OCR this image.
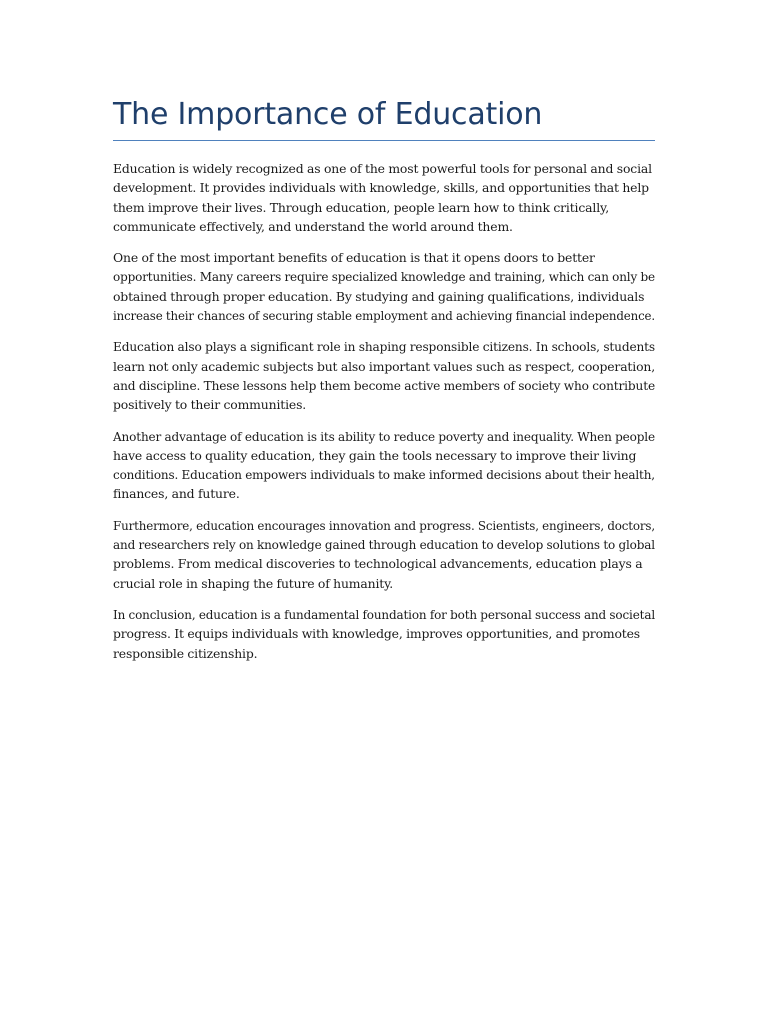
The Importance of Education

Education is widely recognized as one of the most powerful tools for personal and social
development. It provides individuals with knowledge, skills, and opportunities that help
them improve their lives. Through education, people learn how to think critically,
communicate effectively, and understand the world around them.

One of the most important benefits of education is that it opens doors to better
opportunities. Many careers require specialized knowledge and training, which can only be
obtained through proper education. By studying and gaining qualifications, individuals
increase their chances of securing stable employment and achieving financial independence.

Education also plays a significant role in shaping responsible citizens. In schools, students
learn not only academic subjects but also important values such as respect, cooperation,
and discipline. These lessons help them become active members of society who contribute
positively to their communities.

Another advantage of education is its ability to reduce poverty and inequality. When people
have access to quality education, they gain the tools necessary to improve their living
conditions. Education empowers individuals to make informed decisions about their health,
finances, and future.

Furthermore, education encourages innovation and progress. Scientists, engineers, doctors,
and researchers rely on knowledge gained through education to develop solutions to global
problems. From medical discoveries to technological advancements, education plays a
crucial role in shaping the future of humanity.

In conclusion, education is a fundamental foundation for both personal success and societal
progress. It equips individuals with knowledge, improves opportunities, and promotes
responsible citizenship.
